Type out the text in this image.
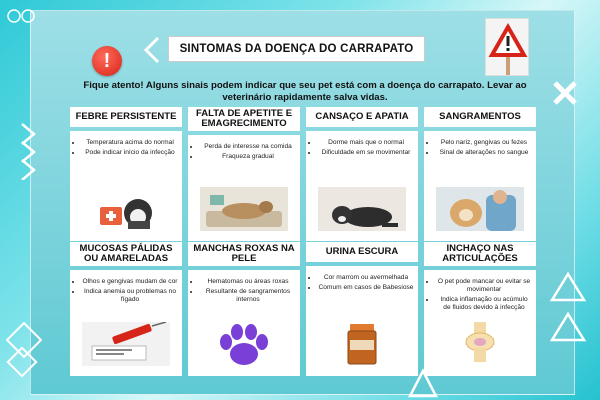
SINTOMAS DA DOENÇA DO CARRAPATO
!
Fique atento! Alguns sinais podem indicar que seu pet está com a doença do carrapato. Levar ao veterinário rapidamente salva vidas.
FEBRE PERSISTENTE
• Temperatura acima do normal
• Pode indicar início da infecção
FALTA DE APETITE E EMAGRECIMENTO
• Perda de interesse na comida
• Fraqueza gradual
CANSAÇO E APATIA
• Dorme mais que o normal
• Dificuldade em se movimentar
SANGRAMENTOS
• Pelo nariz, gengivas ou fezes
• Sinal de alterações no sangue
MUCOSAS PÁLIDAS OU AMARELADAS
• Olhos e gengivas mudam de cor
• Indica anemia ou problemas no fígado
MANCHAS ROXAS NA PELE
• Hematomas ou áreas roxas
• Resultante de sangramentos internos
URINA ESCURA
• Cor marrom ou avermelhada
• Comum em casos de Babesiose
INCHAÇO NAS ARTICULAÇÕES
• O pet pode mancar ou evitar se movimentar
• Indica inflamação ou acúmulo de fluidos devido à infecção
